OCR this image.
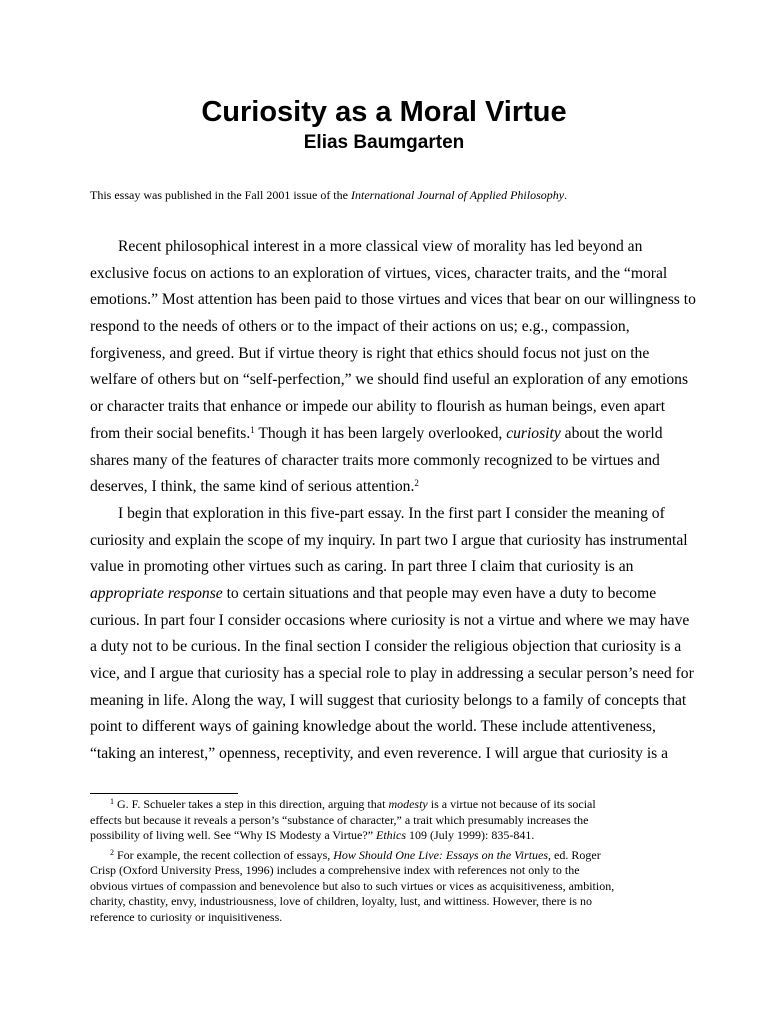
Curiosity as a Moral Virtue
Elias Baumgarten
This essay was published in the Fall 2001 issue of the International Journal of Applied Philosophy.
Recent philosophical interest in a more classical view of morality has led beyond an
exclusive focus on actions to an exploration of virtues, vices, character traits, and the “moral
emotions.” Most attention has been paid to those virtues and vices that bear on our willingness to
respond to the needs of others or to the impact of their actions on us; e.g., compassion,
forgiveness, and greed. But if virtue theory is right that ethics should focus not just on the
welfare of others but on “self-perfection,” we should find useful an exploration of any emotions
or character traits that enhance or impede our ability to flourish as human beings, even apart
from their social benefits.$^1$ Though it has been largely overlooked, curiosity about the world
shares many of the features of character traits more commonly recognized to be virtues and
deserves, I think, the same kind of serious attention.$^2$
I begin that exploration in this five-part essay. In the first part I consider the meaning of
curiosity and explain the scope of my inquiry. In part two I argue that curiosity has instrumental
value in promoting other virtues such as caring. In part three I claim that curiosity is an
appropriate response to certain situations and that people may even have a duty to become
curious. In part four I consider occasions where curiosity is not a virtue and where we may have
a duty not to be curious. In the final section I consider the religious objection that curiosity is a
vice, and I argue that curiosity has a special role to play in addressing a secular person’s need for
meaning in life. Along the way, I will suggest that curiosity belongs to a family of concepts that
point to different ways of gaining knowledge about the world. These include attentiveness,
“taking an interest,” openness, receptivity, and even reverence. I will argue that curiosity is a
$^1$ G. F. Schueler takes a step in this direction, arguing that modesty is a virtue not because of its social
effects but because it reveals a person’s “substance of character,” a trait which presumably increases the
possibility of living well. See “Why IS Modesty a Virtue?” Ethics 109 (July 1999): 835-841.
$^2$ For example, the recent collection of essays, How Should One Live: Essays on the Virtues, ed. Roger
Crisp (Oxford University Press, 1996) includes a comprehensive index with references not only to the
obvious virtues of compassion and benevolence but also to such virtues or vices as acquisitiveness, ambition,
charity, chastity, envy, industriousness, love of children, loyalty, lust, and wittiness. However, there is no
reference to curiosity or inquisitiveness.
